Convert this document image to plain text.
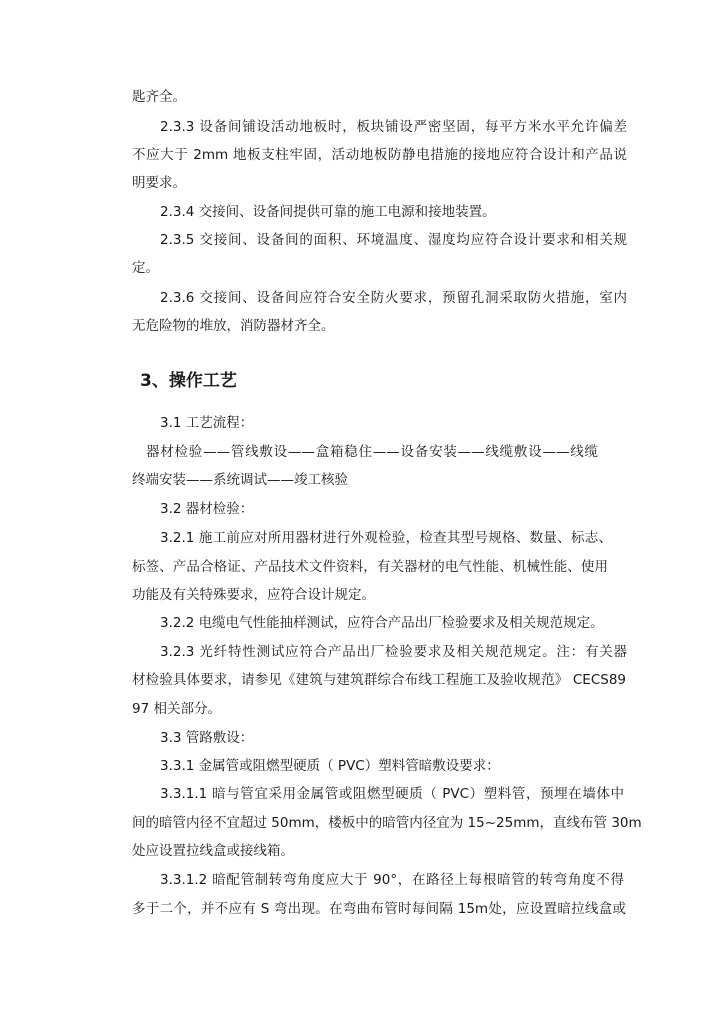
匙齐全。
2.3.3 设备间铺设活动地板时，板块铺设严密坚固，每平方米水平允许偏差
不应大于 2mm 地板支柱牢固，活动地板防静电措施的接地应符合设计和产品说
明要求。
2.3.4 交接间、设备间提供可靠的施工电源和接地装置。
2.3.5 交接间、设备间的面积、环境温度、湿度均应符合设计要求和相关规
定。
2.3.6 交接间、设备间应符合安全防火要求，预留孔洞采取防火措施，室内
无危险物的堆放，消防器材齐全。
3、操作工艺
3.1 工艺流程：
器材检验——管线敷设——盒箱稳住——设备安装——线缆敷设——线缆
终端安装——系统调试——竣工核验
3.2 器材检验：
3.2.1 施工前应对所用器材进行外观检验，检查其型号规格、数量、标志、
标签、产品合格证、产品技术文件资料，有关器材的电气性能、机械性能、使用
功能及有关特殊要求，应符合设计规定。
3.2.2 电缆电气性能抽样测试，应符合产品出厂检验要求及相关规范规定。
3.2.3 光纤特性测试应符合产品出厂检验要求及相关规范规定。注：有关器
材检验具体要求，请参见《建筑与建筑群综合布线工程施工及验收规范》 CECS89
97 相关部分。
3.3 管路敷设：
3.3.1 金属管或阻燃型硬质（ PVC）塑料管暗敷设要求：
3.3.1.1 暗与管宜采用金属管或阻燃型硬质（ PVC）塑料管，预埋在墙体中
间的暗管内径不宜超过 50mm，楼板中的暗管内径宜为 15~25mm，直线布管 30m
处应设置拉线盒或接线箱。
3.3.1.2 暗配管制转弯角度应大于 90°，在路径上每根暗管的转弯角度不得
多于二个，并不应有 S 弯出现。在弯曲布管时每间隔 15m处，应设置暗拉线盒或
